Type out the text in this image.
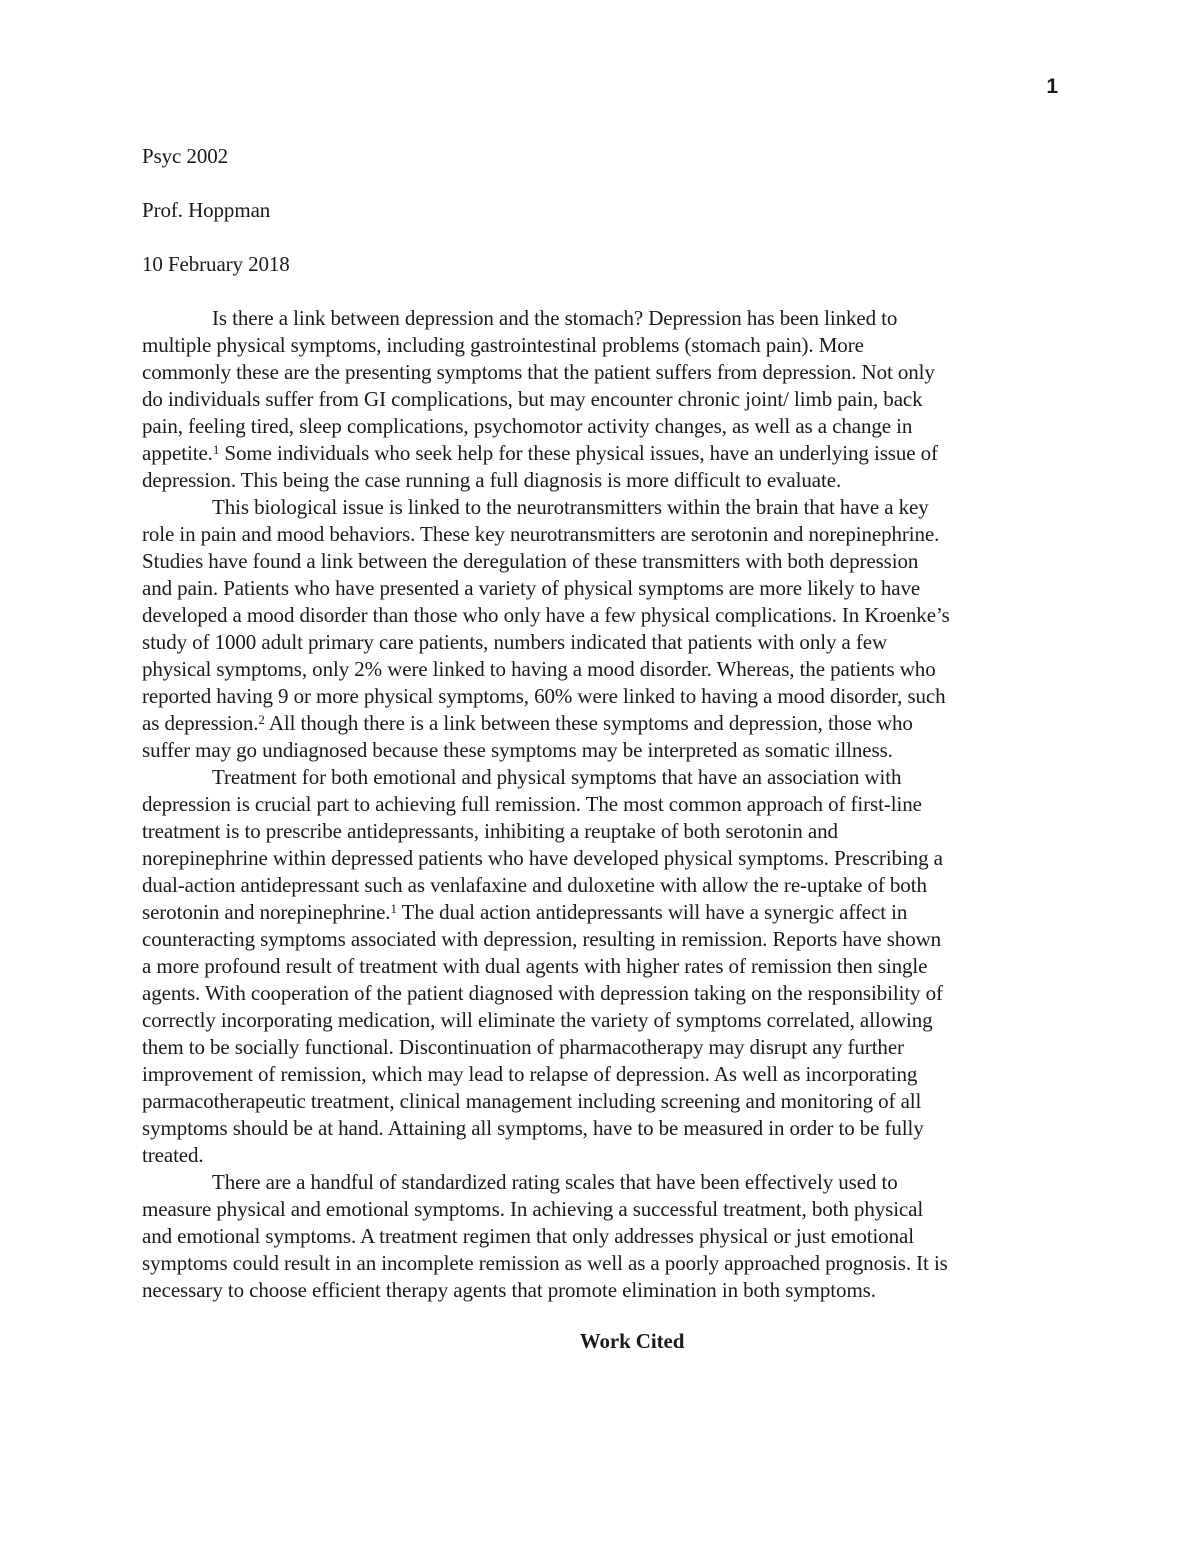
1
Psyc 2002
Prof. Hoppman
10 February 2018
Is there a link between depression and the stomach? Depression has been linked to
multiple physical symptoms, including gastrointestinal problems (stomach pain). More
commonly these are the presenting symptoms that the patient suffers from depression. Not only
do individuals suffer from GI complications, but may encounter chronic joint/ limb pain, back
pain, feeling tired, sleep complications, psychomotor activity changes, as well as a change in
appetite.$^1$ Some individuals who seek help for these physical issues, have an underlying issue of
depression. This being the case running a full diagnosis is more difficult to evaluate.
This biological issue is linked to the neurotransmitters within the brain that have a key
role in pain and mood behaviors. These key neurotransmitters are serotonin and norepinephrine.
Studies have found a link between the deregulation of these transmitters with both depression
and pain. Patients who have presented a variety of physical symptoms are more likely to have
developed a mood disorder than those who only have a few physical complications. In Kroenke’s
study of 1000 adult primary care patients, numbers indicated that patients with only a few
physical symptoms, only 2% were linked to having a mood disorder. Whereas, the patients who
reported having 9 or more physical symptoms, 60% were linked to having a mood disorder, such
as depression.$^2$ All though there is a link between these symptoms and depression, those who
suffer may go undiagnosed because these symptoms may be interpreted as somatic illness.
Treatment for both emotional and physical symptoms that have an association with
depression is crucial part to achieving full remission. The most common approach of first-line
treatment is to prescribe antidepressants, inhibiting a reuptake of both serotonin and
norepinephrine within depressed patients who have developed physical symptoms. Prescribing a
dual-action antidepressant such as venlafaxine and duloxetine with allow the re-uptake of both
serotonin and norepinephrine.$^1$ The dual action antidepressants will have a synergic affect in
counteracting symptoms associated with depression, resulting in remission. Reports have shown
a more profound result of treatment with dual agents with higher rates of remission then single
agents. With cooperation of the patient diagnosed with depression taking on the responsibility of
correctly incorporating medication, will eliminate the variety of symptoms correlated, allowing
them to be socially functional. Discontinuation of pharmacotherapy may disrupt any further
improvement of remission, which may lead to relapse of depression. As well as incorporating
parmacotherapeutic treatment, clinical management including screening and monitoring of all
symptoms should be at hand. Attaining all symptoms, have to be measured in order to be fully
treated.
There are a handful of standardized rating scales that have been effectively used to
measure physical and emotional symptoms. In achieving a successful treatment, both physical
and emotional symptoms. A treatment regimen that only addresses physical or just emotional
symptoms could result in an incomplete remission as well as a poorly approached prognosis. It is
necessary to choose efficient therapy agents that promote elimination in both symptoms.
Work Cited
